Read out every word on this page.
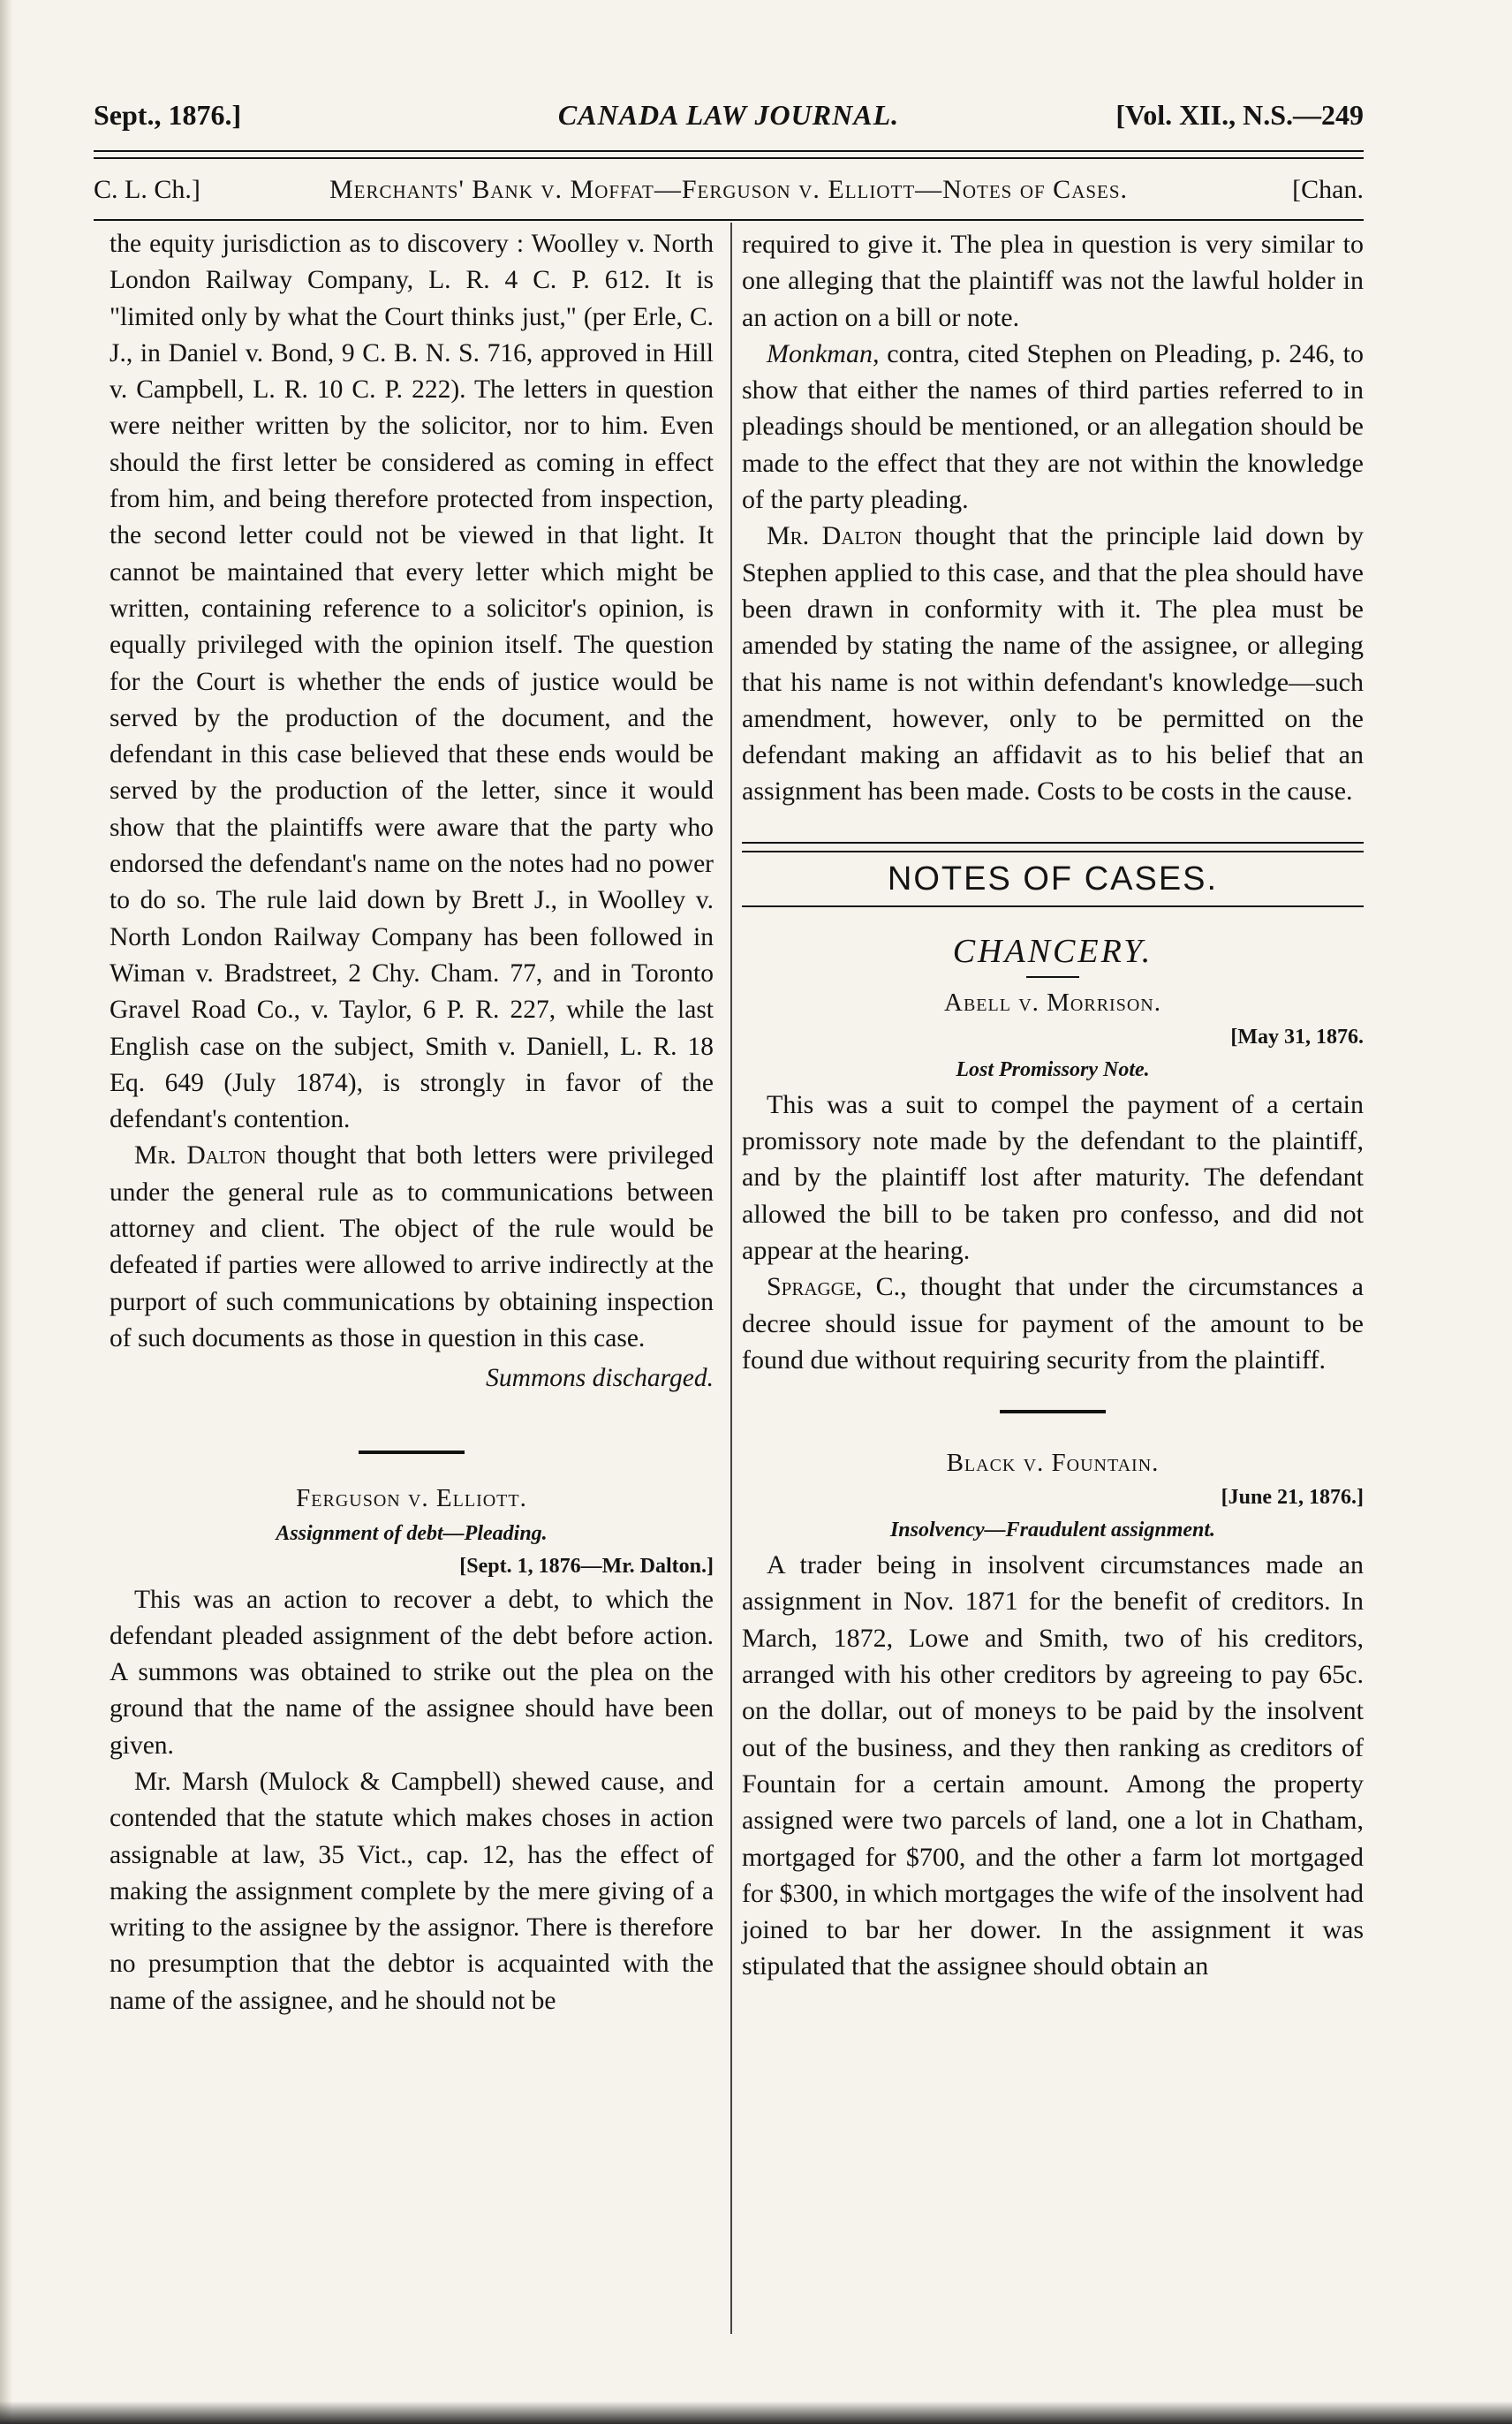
Sept., 1876.]	CANADA LAW JOURNAL.	[Vol. XII., N.S.—249
C. L. Ch.]	Merchants' Bank v. Moffat—Ferguson v. Elliott—Notes of Cases.	[Chan.

the equity jurisdiction as to discovery : Woolley v. North London Railway Company, L. R. 4 C. P. 612. It is "limited only by what the Court thinks just," (per Erle, C. J., in Daniel v. Bond, 9 C. B. N. S. 716, approved in Hill v. Campbell, L. R. 10 C. P. 222). The letters in question were neither written by the solicitor, nor to him. Even should the first letter be considered as coming in effect from him, and being therefore protected from inspection, the second letter could not be viewed in that light. It cannot be maintained that every letter which might be written, containing reference to a solicitor's opinion, is equally privileged with the opinion itself. The question for the Court is whether the ends of justice would be served by the production of the document, and the defendant in this case believed that these ends would be served by the production of the letter, since it would show that the plaintiffs were aware that the party who endorsed the defendant's name on the notes had no power to do so. The rule laid down by Brett J., in Woolley v. North London Railway Company has been followed in Wiman v. Bradstreet, 2 Chy. Cham. 77, and in Toronto Gravel Road Co., v. Taylor, 6 P. R. 227, while the last English case on the subject, Smith v. Daniell, L. R. 18 Eq. 649 (July 1874), is strongly in favor of the defendant's contention.

Mr. Dalton thought that both letters were privileged under the general rule as to communications between attorney and client. The object of the rule would be defeated if parties were allowed to arrive indirectly at the purport of such communications by obtaining inspection of such documents as those in question in this case.

Summons discharged.

Ferguson v. Elliott.
Assignment of debt—Pleading.
[Sept. 1, 1876—Mr. Dalton.]

This was an action to recover a debt, to which the defendant pleaded assignment of the debt before action. A summons was obtained to strike out the plea on the ground that the name of the assignee should have been given.

Mr. Marsh (Mulock & Campbell) shewed cause, and contended that the statute which makes choses in action assignable at law, 35 Vict., cap. 12, has the effect of making the assignment complete by the mere giving of a writing to the assignee by the assignor. There is therefore no presumption that the debtor is acquainted with the name of the assignee, and he should not be

required to give it. The plea in question is very similar to one alleging that the plaintiff was not the lawful holder in an action on a bill or note.

Monkman, contra, cited Stephen on Pleading, p. 246, to show that either the names of third parties referred to in pleadings should be mentioned, or an allegation should be made to the effect that they are not within the knowledge of the party pleading.

Mr. Dalton thought that the principle laid down by Stephen applied to this case, and that the plea should have been drawn in conformity with it. The plea must be amended by stating the name of the assignee, or alleging that his name is not within defendant's knowledge—such amendment, however, only to be permitted on the defendant making an affidavit as to his belief that an assignment has been made. Costs to be costs in the cause.

NOTES OF CASES.
CHANCERY.
Abell v. Morrison.
[May 31, 1876.
Lost Promissory Note.

This was a suit to compel the payment of a certain promissory note made by the defendant to the plaintiff, and by the plaintiff lost after maturity. The defendant allowed the bill to be taken pro confesso, and did not appear at the hearing.

Spragge, C., thought that under the circumstances a decree should issue for payment of the amount to be found due without requiring security from the plaintiff.

Black v. Fountain.
[June 21, 1876.]
Insolvency—Fraudulent assignment.

A trader being in insolvent circumstances made an assignment in Nov. 1871 for the benefit of creditors. In March, 1872, Lowe and Smith, two of his creditors, arranged with his other creditors by agreeing to pay 65c. on the dollar, out of moneys to be paid by the insolvent out of the business, and they then ranking as creditors of Fountain for a certain amount. Among the property assigned were two parcels of land, one a lot in Chatham, mortgaged for $700, and the other a farm lot mortgaged for $300, in which mortgages the wife of the insolvent had joined to bar her dower. In the assignment it was stipulated that the assignee should obtain an
